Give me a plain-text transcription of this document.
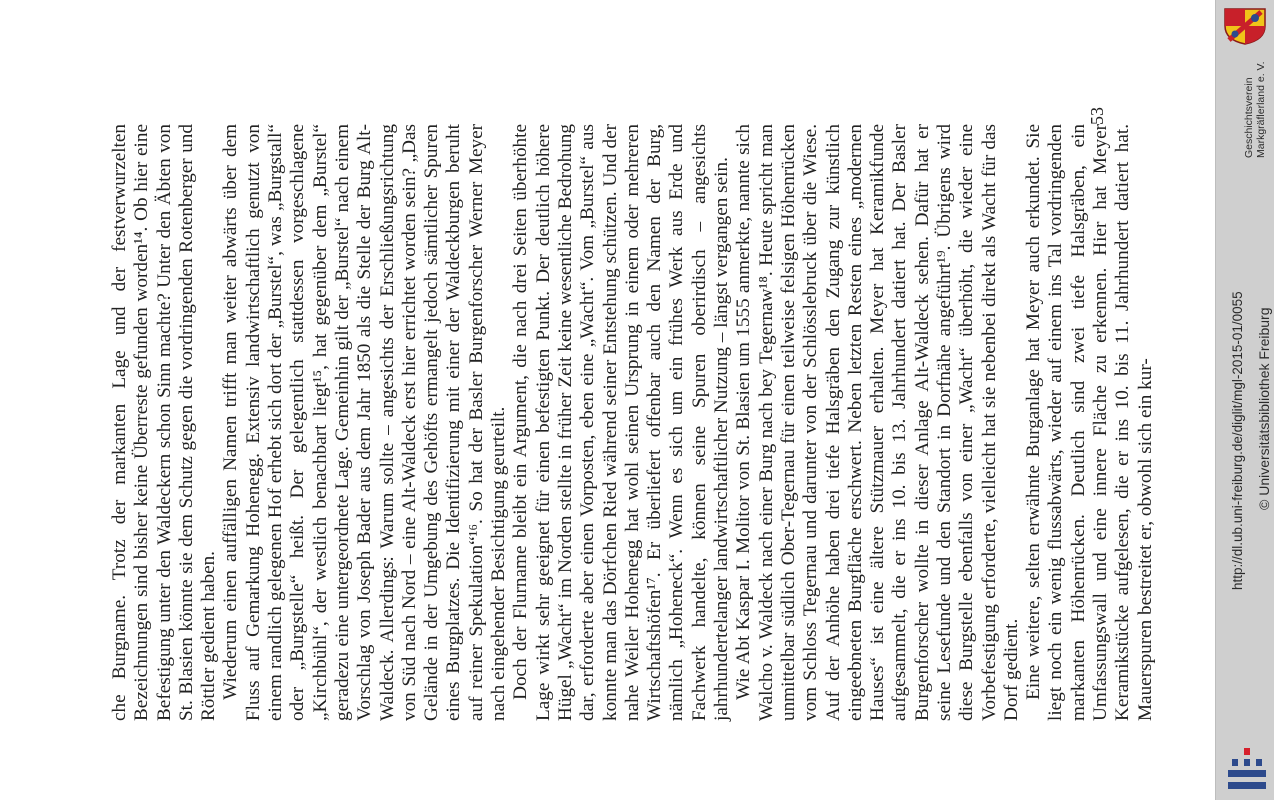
che Burgname. Trotz der markanten Lage und der festverwurzelten Bezeichnungen sind bisher keine Überreste gefunden worden¹⁴. Ob hier eine Befestigung unter den Waldeckern schon Sinn machte? Unter den Äbten von St. Blasien könnte sie dem Schutz gegen die vordringenden Rotenberger und Röttler gedient haben. Wiederum einen auffälligen Namen trifft man weiter abwärts über dem Fluss auf Gemarkung Hohenegg. Extensiv landwirtschaftlich genutzt von einem randlich gelegenen Hof erhebt sich dort der „Burstel“, was „Burgstall“ oder „Burgstelle“ heißt. Der gelegentlich stattdessen vorgeschlagene „Kirchbühl“, der westlich benachbart liegt¹⁵, hat gegenüber dem „Burstel“ geradezu eine untergeordnete Lage. Gemeinhin gilt der „Burstel“ nach einem Vorschlag von Joseph Bader aus dem Jahr 1850 als die Stelle der Burg Alt-Waldeck. Allerdings: Warum sollte – angesichts der Erschließungsrichtung von Süd nach Nord – eine Alt-Waldeck erst hier errichtet worden sein? „Das Gelände in der Umgebung des Gehöfts ermangelt jedoch sämtlicher Spuren eines Burgplatzes. Die Identifizierung mit einer der Waldeckburgen beruht auf reiner Spekulation“¹⁶. So hat der Basler Burgenforscher Werner Meyer nach eingehender Besichtigung geurteilt. Doch der Flurname bleibt ein Argument, die nach drei Seiten überhöhte Lage wirkt sehr geeignet für einen befestigten Punkt. Der deutlich höhere Hügel „Wacht“ im Norden stellte in früher Zeit keine wesentliche Bedrohung dar, erforderte aber einen Vorposten, eben eine „Wacht“. Vom „Burstel“ aus konnte man das Dörfchen Ried während seiner Entstehung schützen. Und der nahe Weiler Hohenegg hat wohl seinen Ursprung in einem oder mehreren Wirtschaftshöfen¹⁷. Er überliefert offenbar auch den Namen der Burg, nämlich „Hoheneck“. Wenn es sich um ein frühes Werk aus Erde und Fachwerk handelte, können seine Spuren oberirdisch – angesichts jahrhundertelanger landwirtschaftlicher Nutzung – längst vergangen sein. Wie Abt Kaspar I. Molitor von St. Blasien um 1555 anmerkte, nannte sich Walcho v. Waldeck nach einer Burg nach bey Tegernaw¹⁸. Heute spricht man unmittelbar südlich Ober-Tegernau für einen teilweise felsigen Höhenrücken vom Schloss Tegernau und darunter von der Schlösslebruck über die Wiese. Auf der Anhöhe haben drei tiefe Halsgräben den Zugang zur künstlich eingeebneten Burgfläche erschwert. Neben letzten Resten eines „modernen Hauses“ ist eine ältere Stützmauer erhalten. Meyer hat Keramikfunde aufgesammelt, die er ins 10. bis 13. Jahrhundert datiert hat. Der Basler Burgenforscher wollte in dieser Anlage Alt-Waldeck sehen. Dafür hat er seine Lesefunde und den Standort in Dorfnähe angeführt¹⁹. Übrigens wird diese Burgstelle ebenfalls von einer „Wacht“ überhöht, die wieder eine Vorbefestigung erforderte, vielleicht hat sie nebenbei direkt als Wacht für das Dorf gedient. Eine weitere, selten erwähnte Burganlage hat Meyer auch erkundet. Sie liegt noch ein wenig flussabwärts, wieder auf einem ins Tal vordringenden markanten Höhenrücken. Deutlich sind zwei tiefe Halsgräben, ein Umfassungswall und eine innere Fläche zu erkennen. Hier hat Meyer Keramikstücke aufgelesen, die er ins 10. bis 11. Jahrhundert datiert hat. Mauerspuren bestreitet er, obwohl sich ein kur-

53	Geschichtsverein Markgräflerland e. V.
http://dl.ub.uni-freiburg.de/diglit/mgl-2015-01/0055 © Universitätsbibliothek Freiburg
